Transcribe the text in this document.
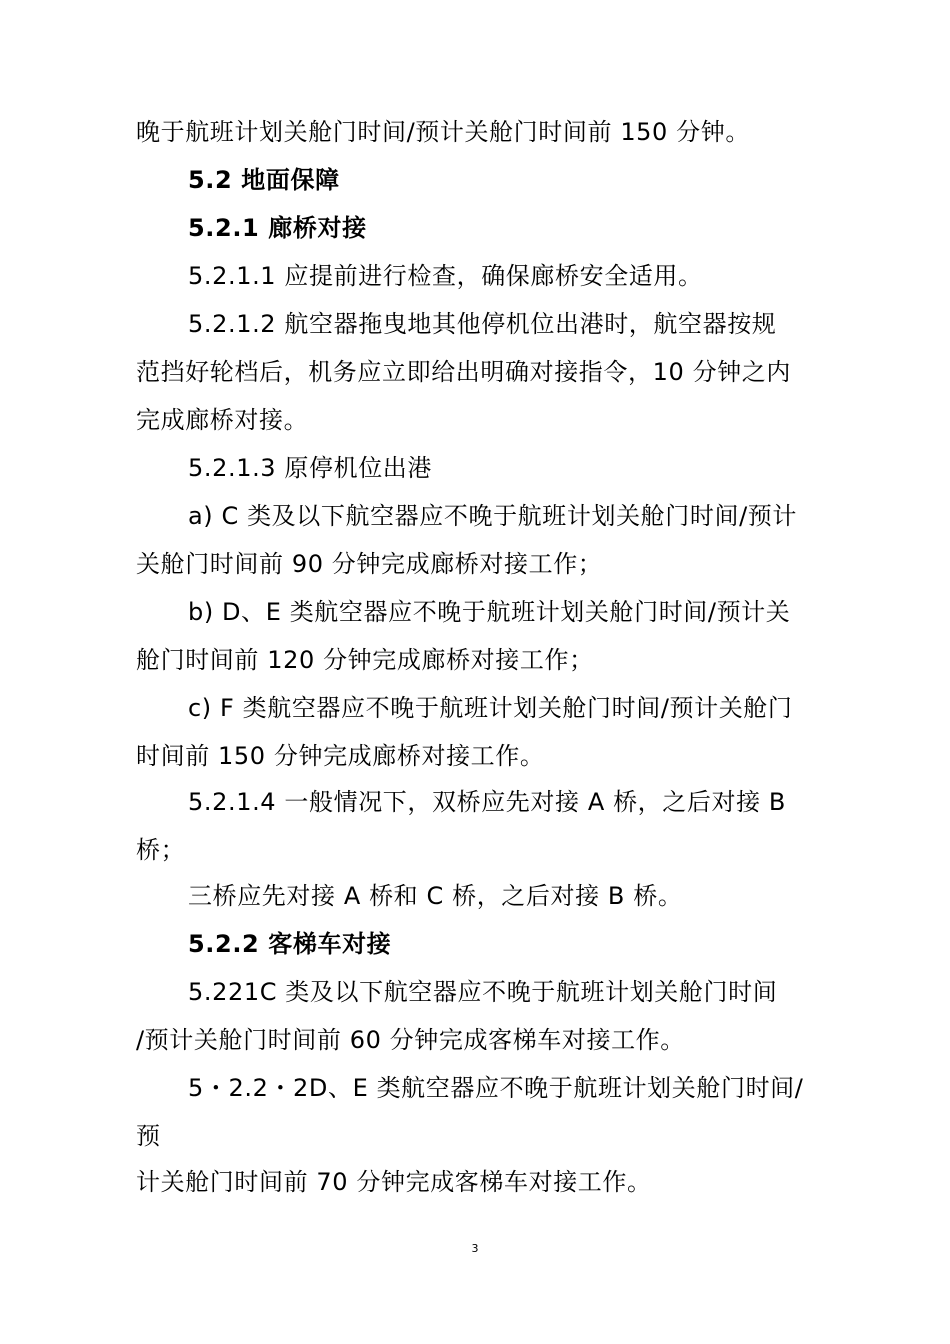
晚于航班计划关舱门时间/预计关舱门时间前 150 分钟。
5.2 地面保障
5.2.1 廊桥对接
5.2.1.1 应提前进行检查，确保廊桥安全适用。
5.2.1.2 航空器拖曳地其他停机位出港时，航空器按规
范挡好轮档后，机务应立即给出明确对接指令，10 分钟之内
完成廊桥对接。
5.2.1.3 原停机位出港
a) C 类及以下航空器应不晚于航班计划关舱门时间/预计
关舱门时间前 90 分钟完成廊桥对接工作；
b) D、E 类航空器应不晚于航班计划关舱门时间/预计关
舱门时间前 120 分钟完成廊桥对接工作；
c) F 类航空器应不晚于航班计划关舱门时间/预计关舱门
时间前 150 分钟完成廊桥对接工作。
5.2.1.4 一般情况下，双桥应先对接 A 桥，之后对接 B
桥；
三桥应先对接 A 桥和 C 桥，之后对接 B 桥。
5.2.2 客梯车对接
5.221C 类及以下航空器应不晚于航班计划关舱门时间
/预计关舱门时间前 60 分钟完成客梯车对接工作。
5・2.2・2D、E 类航空器应不晚于航班计划关舱门时间/
预
计关舱门时间前 70 分钟完成客梯车对接工作。
3
